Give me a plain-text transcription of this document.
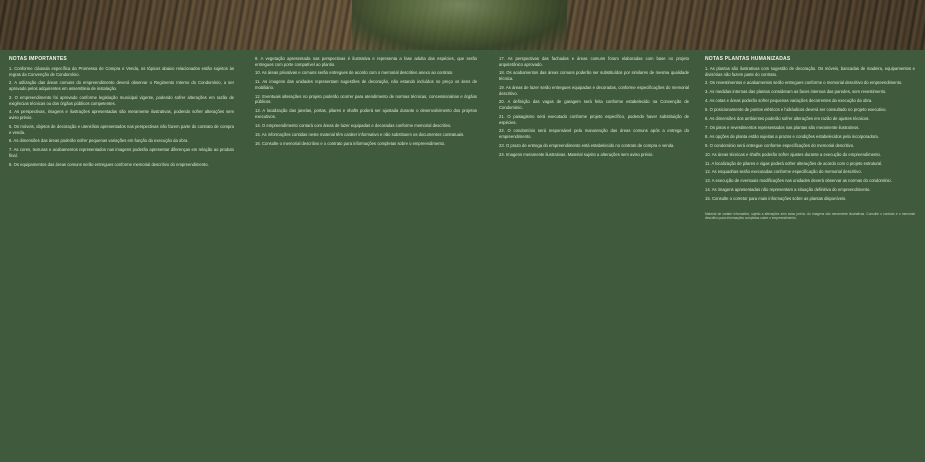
NOTAS IMPORTANTES
1. Conforme cláusula específica da Promessa de Compra e Venda, os tópicos abaixo relacionados estão sujeitos às regras da Convenção de Condomínio.
2. A utilização das áreas comuns do empreendimento deverá observar o Regimento Interno do Condomínio, a ser aprovado pelos adquirentes em assembleia de instalação.
3. O empreendimento foi aprovado conforme legislação municipal vigente, podendo sofrer alterações em razão de exigências técnicas ou dos órgãos públicos competentes.
4. As perspectivas, imagens e ilustrações apresentadas são meramente ilustrativas, podendo sofrer alterações sem aviso prévio.
5. Os móveis, objetos de decoração e utensílios apresentados nas perspectivas não fazem parte do contrato de compra e venda.
6. As dimensões das áreas poderão sofrer pequenas variações em função da execução da obra.
7. As cores, texturas e acabamentos representados nas imagens poderão apresentar diferenças em relação ao produto final.
8. Os equipamentos das áreas comuns serão entregues conforme memorial descritivo do empreendimento.
9. A vegetação apresentada nas perspectivas é ilustrativa e representa a fase adulta das espécies, que serão entregues com porte compatível ao plantio.
10. As áreas privativas e comuns serão entregues de acordo com o memorial descritivo anexo ao contrato.
11. As imagens das unidades representam sugestões de decoração, não estando incluídos no preço os itens de mobiliário.
12. Eventuais alterações no projeto poderão ocorrer para atendimento de normas técnicas, concessionárias e órgãos públicos.
13. A localização das janelas, portas, pilares e shafts poderá ser ajustada durante o desenvolvimento dos projetos executivos.
14. O empreendimento contará com áreas de lazer equipadas e decoradas conforme memorial descritivo.
15. As informações contidas neste material têm caráter informativo e não substituem os documentos contratuais.
16. Consulte o memorial descritivo e o contrato para informações completas sobre o empreendimento.
17. As perspectivas das fachadas e áreas comuns foram elaboradas com base no projeto arquitetônico aprovado.
18. Os acabamentos das áreas comuns poderão ser substituídos por similares de mesma qualidade técnica.
19. As áreas de lazer serão entregues equipadas e decoradas, conforme especificações do memorial descritivo.
20. A definição das vagas de garagem será feita conforme estabelecido na Convenção de Condomínio.
21. O paisagismo será executado conforme projeto específico, podendo haver substituição de espécies.
22. O condomínio será responsável pela manutenção das áreas comuns após a entrega do empreendimento.
23. O prazo de entrega do empreendimento está estabelecido no contrato de compra e venda.
24. Imagens meramente ilustrativas. Material sujeito a alterações sem aviso prévio.
NOTAS PLANTAS HUMANIZADAS
1. As plantas são ilustrativas com sugestão de decoração. Os móveis, bancadas de madeira, equipamentos e divisórias não fazem parte do contrato.
2. Os revestimentos e acabamentos serão entregues conforme o memorial descritivo do empreendimento.
3. As medidas internas das plantas consideram as faces internas das paredes, sem revestimento.
4. As cotas e áreas poderão sofrer pequenas variações decorrentes da execução da obra.
5. O posicionamento de pontos elétricos e hidráulicos deverá ser consultado no projeto executivo.
6. As dimensões dos ambientes poderão sofrer alterações em razão de ajustes técnicos.
7. Os pisos e revestimentos representados nas plantas são meramente ilustrativos.
8. As opções de planta estão sujeitas a prazos e condições estabelecidos pela incorporadora.
9. O condomínio será entregue conforme especificações do memorial descritivo.
10. As áreas técnicas e shafts poderão sofrer ajustes durante a execução do empreendimento.
11. A localização de pilares e vigas poderá sofrer alterações de acordo com o projeto estrutural.
12. As esquadrias serão executadas conforme especificação do memorial descritivo.
13. A execução de eventuais modificações nas unidades deverá observar as normas do condomínio.
14. As imagens apresentadas não representam a situação definitiva do empreendimento.
15. Consulte o corretor para mais informações sobre as plantas disponíveis.
Material de caráter informativo, sujeito a alterações sem aviso prévio. As imagens são meramente ilustrativas. Consulte o contrato e o memorial descritivo para informações completas sobre o empreendimento.
